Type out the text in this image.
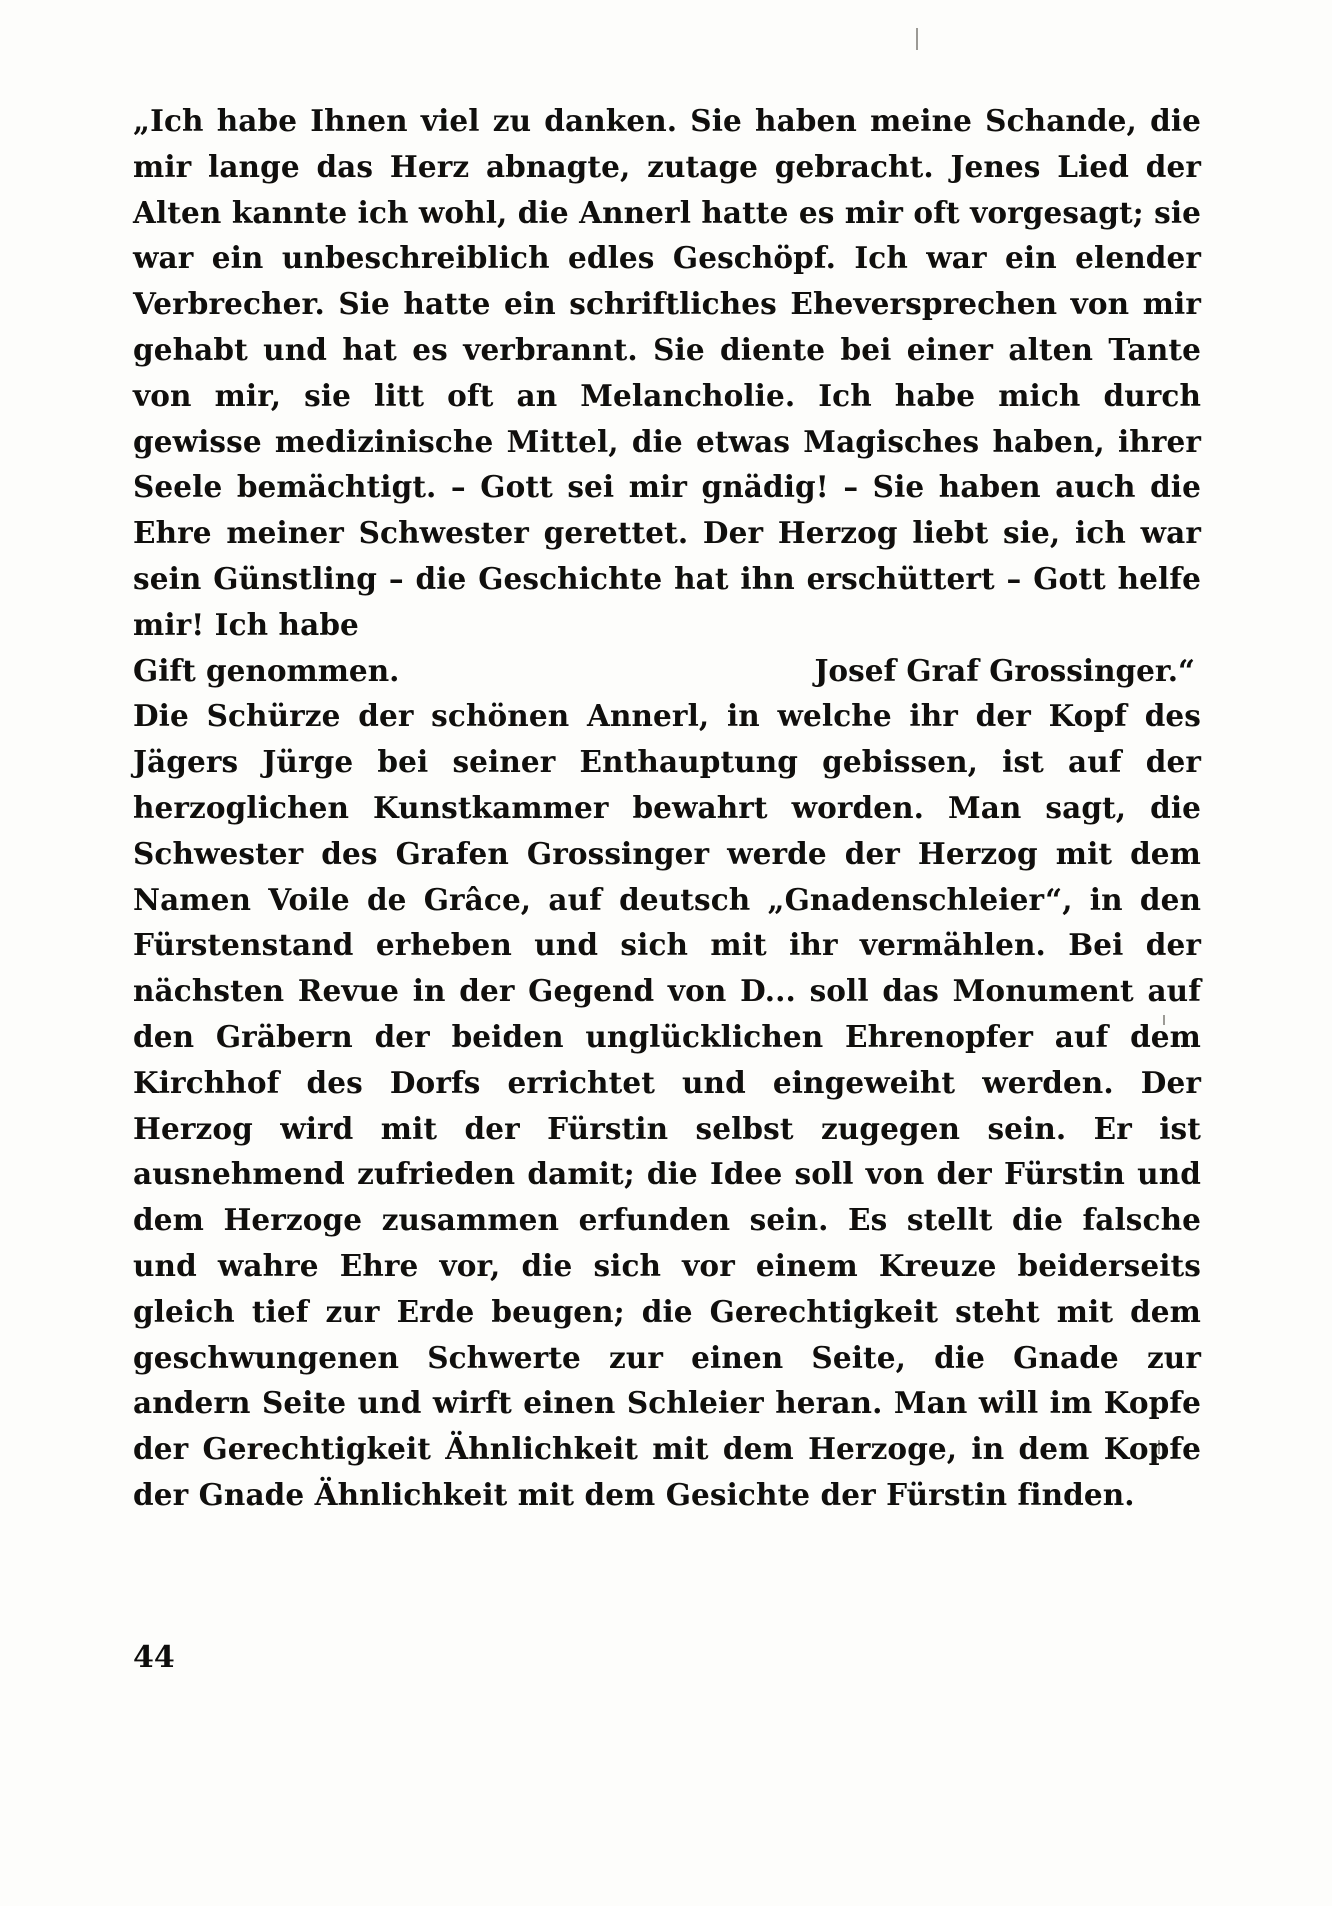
„Ich habe Ihnen viel zu danken. Sie haben meine Schande, die mir lange das Herz abnagte, zutage gebracht. Jenes Lied der Alten kannte ich wohl, die Annerl hatte es mir oft vorgesagt; sie war ein unbeschreiblich edles Geschöpf. Ich war ein elender Verbrecher. Sie hatte ein schriftliches Eheversprechen von mir gehabt und hat es verbrannt. Sie diente bei einer alten Tante von mir, sie litt oft an Melancholie. Ich habe mich durch gewisse medizinische Mittel, die etwas Magisches haben, ihrer Seele bemächtigt. – Gott sei mir gnädig! – Sie haben auch die Ehre meiner Schwester gerettet. Der Herzog liebt sie, ich war sein Günstling – die Geschichte hat ihn erschüttert – Gott helfe mir! Ich habe

Gift genommen.	Josef Graf Grossinger.“

Die Schürze der schönen Annerl, in welche ihr der Kopf des Jägers Jürge bei seiner Enthauptung gebissen, ist auf der herzoglichen Kunstkammer bewahrt worden. Man sagt, die Schwester des Grafen Grossinger werde der Herzog mit dem Namen Voile de Grâce, auf deutsch „Gnadenschleier“, in den Fürstenstand erheben und sich mit ihr vermählen. Bei der nächsten Revue in der Gegend von D... soll das Monument auf den Gräbern der beiden unglücklichen Ehrenopfer auf dem Kirchhof des Dorfs errichtet und eingeweiht werden. Der Herzog wird mit der Fürstin selbst zugegen sein. Er ist ausnehmend zufrieden damit; die Idee soll von der Fürstin und dem Herzoge zusammen erfunden sein. Es stellt die falsche und wahre Ehre vor, die sich vor einem Kreuze beiderseits gleich tief zur Erde beugen; die Gerechtigkeit steht mit dem geschwungenen Schwerte zur einen Seite, die Gnade zur andern Seite und wirft einen Schleier heran. Man will im Kopfe der Gerechtigkeit Ähnlichkeit mit dem Herzoge, in dem Kopfe der Gnade Ähnlichkeit mit dem Gesichte der Fürstin finden.

44
